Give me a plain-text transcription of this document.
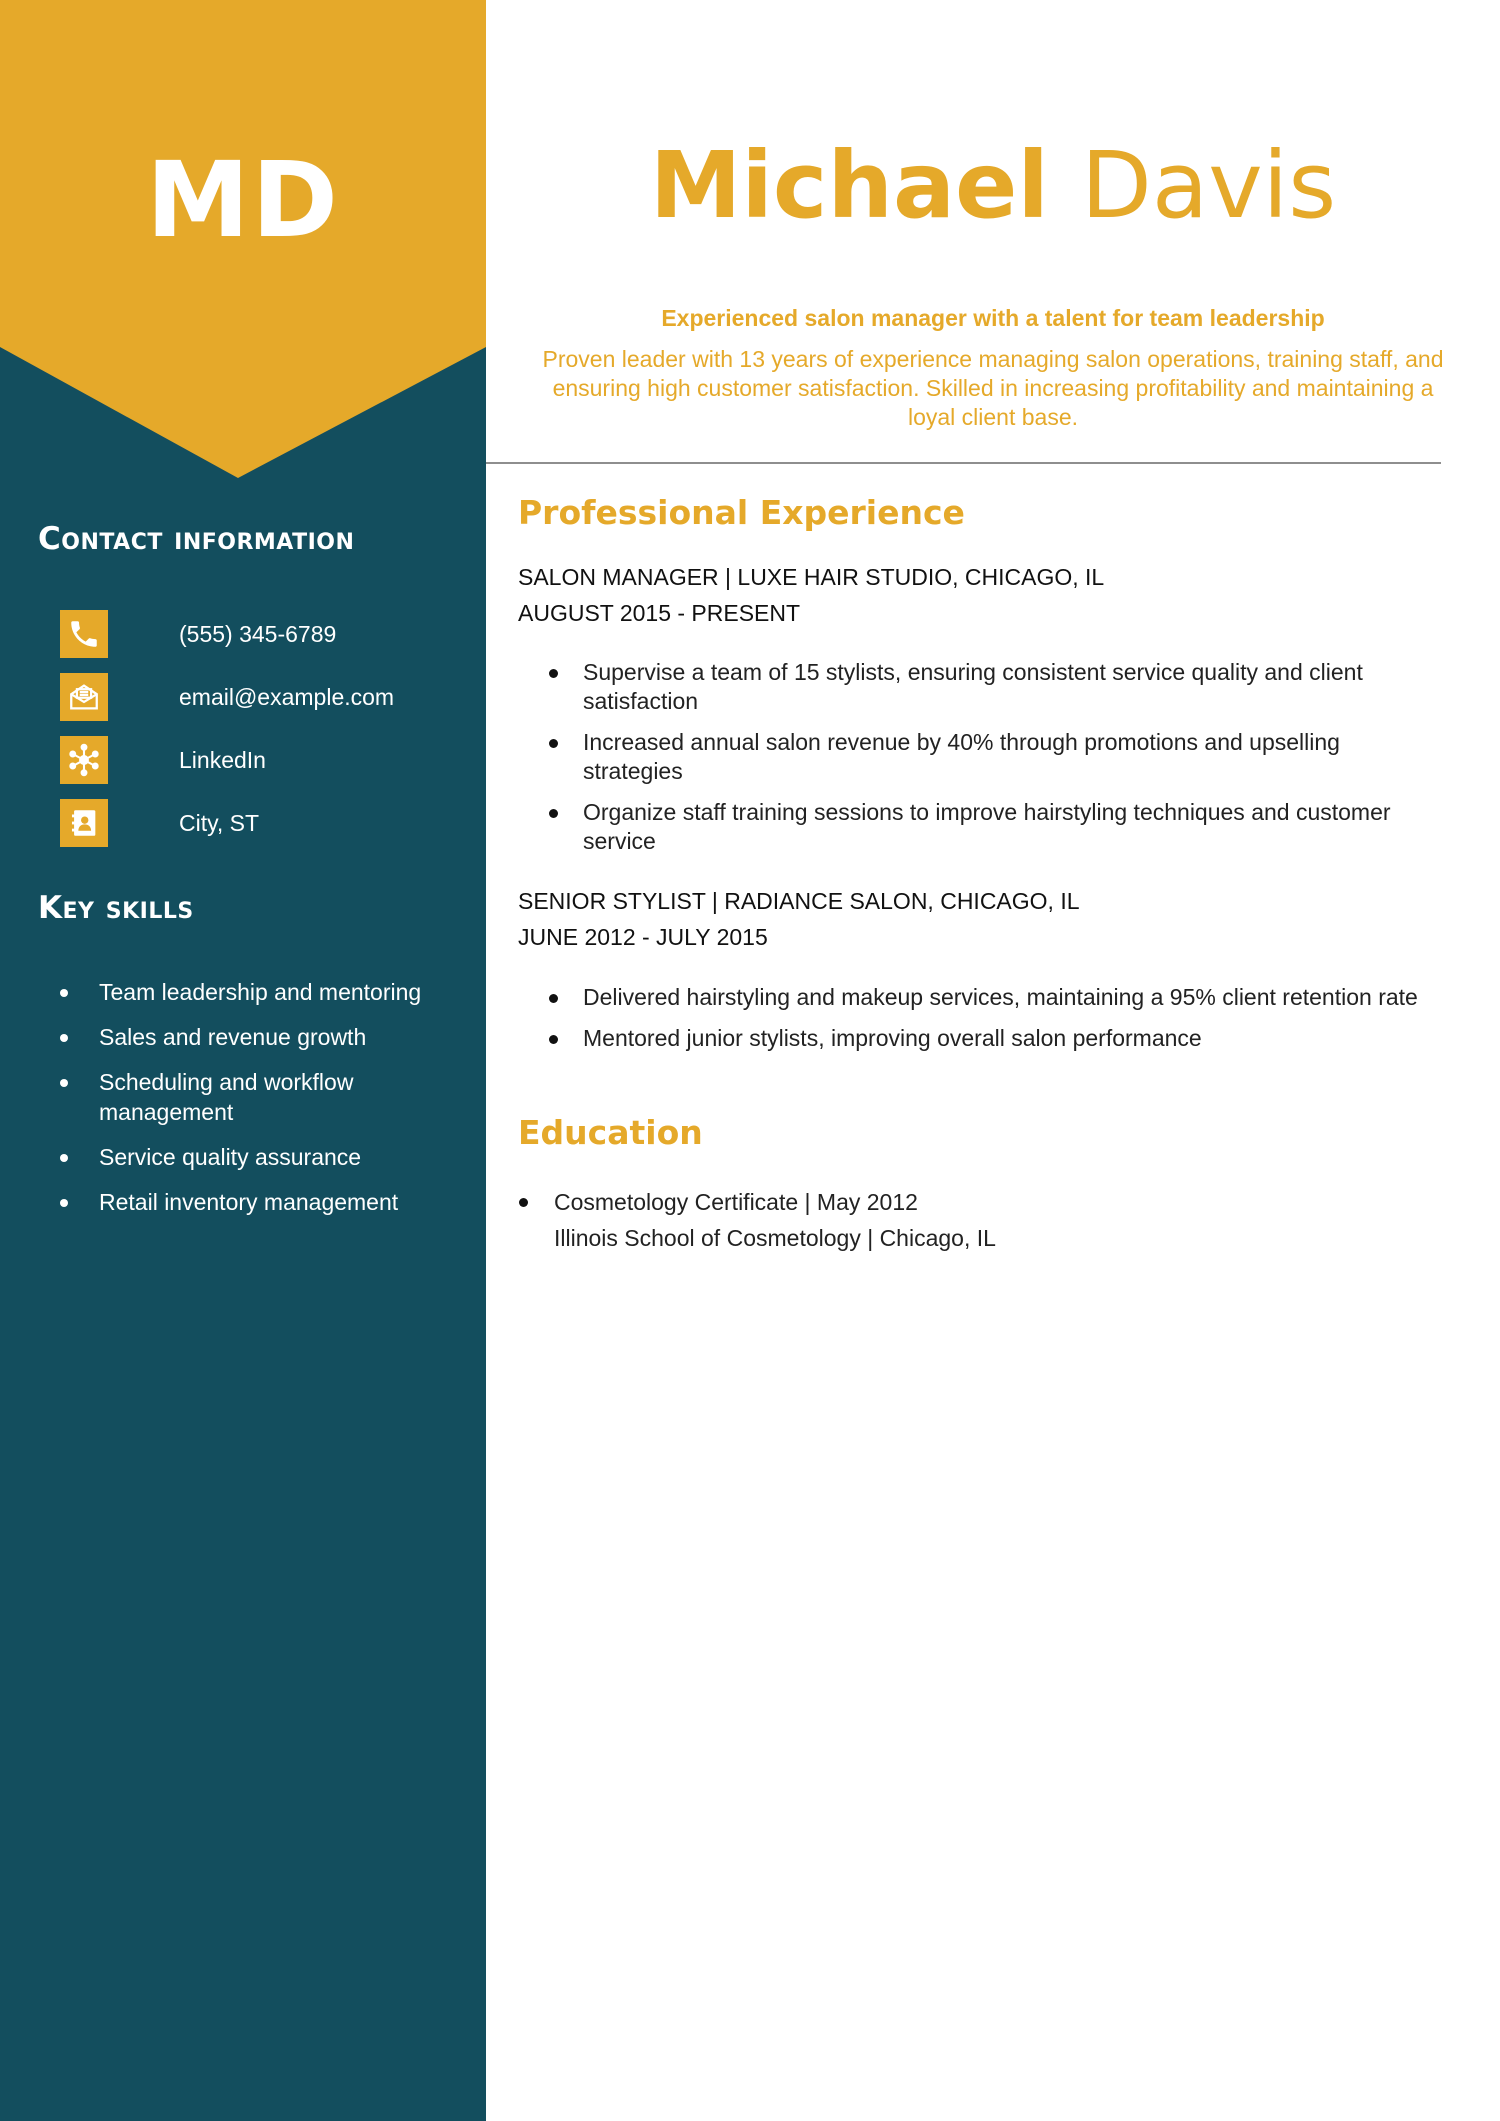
MD
Contact information
(555) 345-6789
email@example.com
LinkedIn
City, ST
Key skills
Team leadership and mentoring
Sales and revenue growth
Scheduling and workflow management
Service quality assurance
Retail inventory management
Michael Davis
Experienced salon manager with a talent for team leadership
Proven leader with 13 years of experience managing salon operations, training staff, and ensuring high customer satisfaction. Skilled in increasing profitability and maintaining a loyal client base.
Professional Experience
SALON MANAGER | LUXE HAIR STUDIO, CHICAGO, IL
AUGUST 2015 - PRESENT
Supervise a team of 15 stylists, ensuring consistent service quality and client satisfaction
Increased annual salon revenue by 40% through promotions and upselling strategies
Organize staff training sessions to improve hairstyling techniques and customer service
SENIOR STYLIST | RADIANCE SALON, CHICAGO, IL
JUNE 2012 - JULY 2015
Delivered hairstyling and makeup services, maintaining a 95% client retention rate
Mentored junior stylists, improving overall salon performance
Education
Cosmetology Certificate | May 2012
Illinois School of Cosmetology | Chicago, IL
